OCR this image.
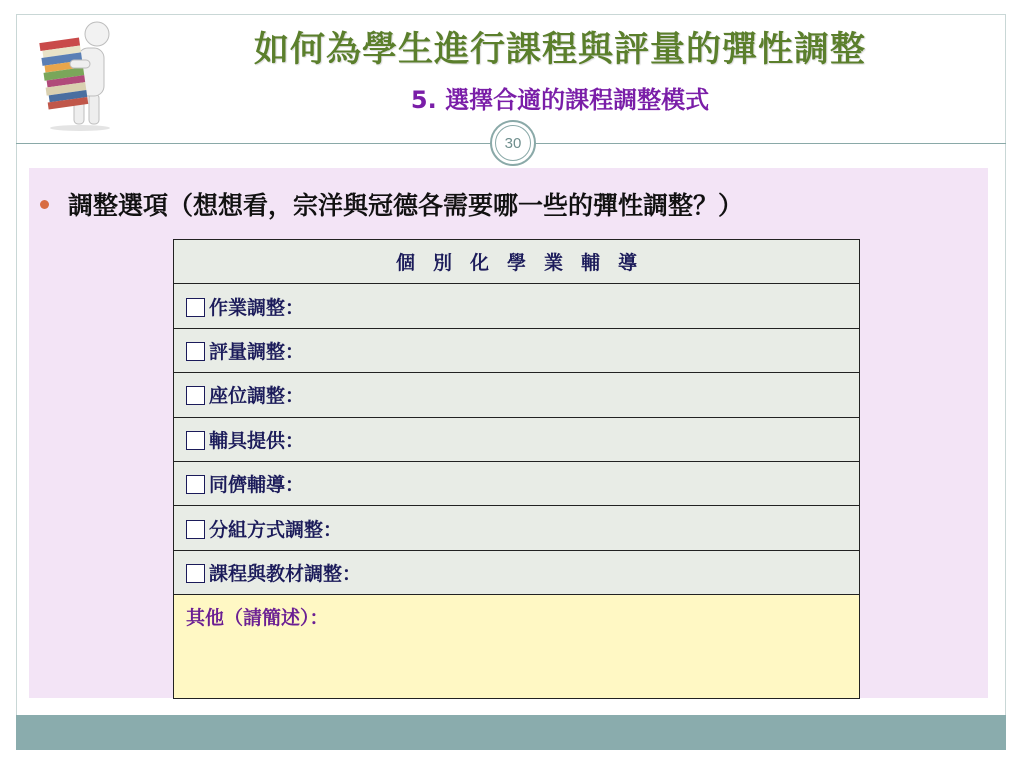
如何為學生進行課程與評量的彈性調整
5. 選擇合適的課程調整模式
30
調整選項（想想看，宗洋與冠德各需要哪一些的彈性調整？）
個別化學業輔導
作業調整：
評量調整：
座位調整：
輔具提供：
同儕輔導：
分組方式調整：
課程與教材調整：
其他（請簡述）：
